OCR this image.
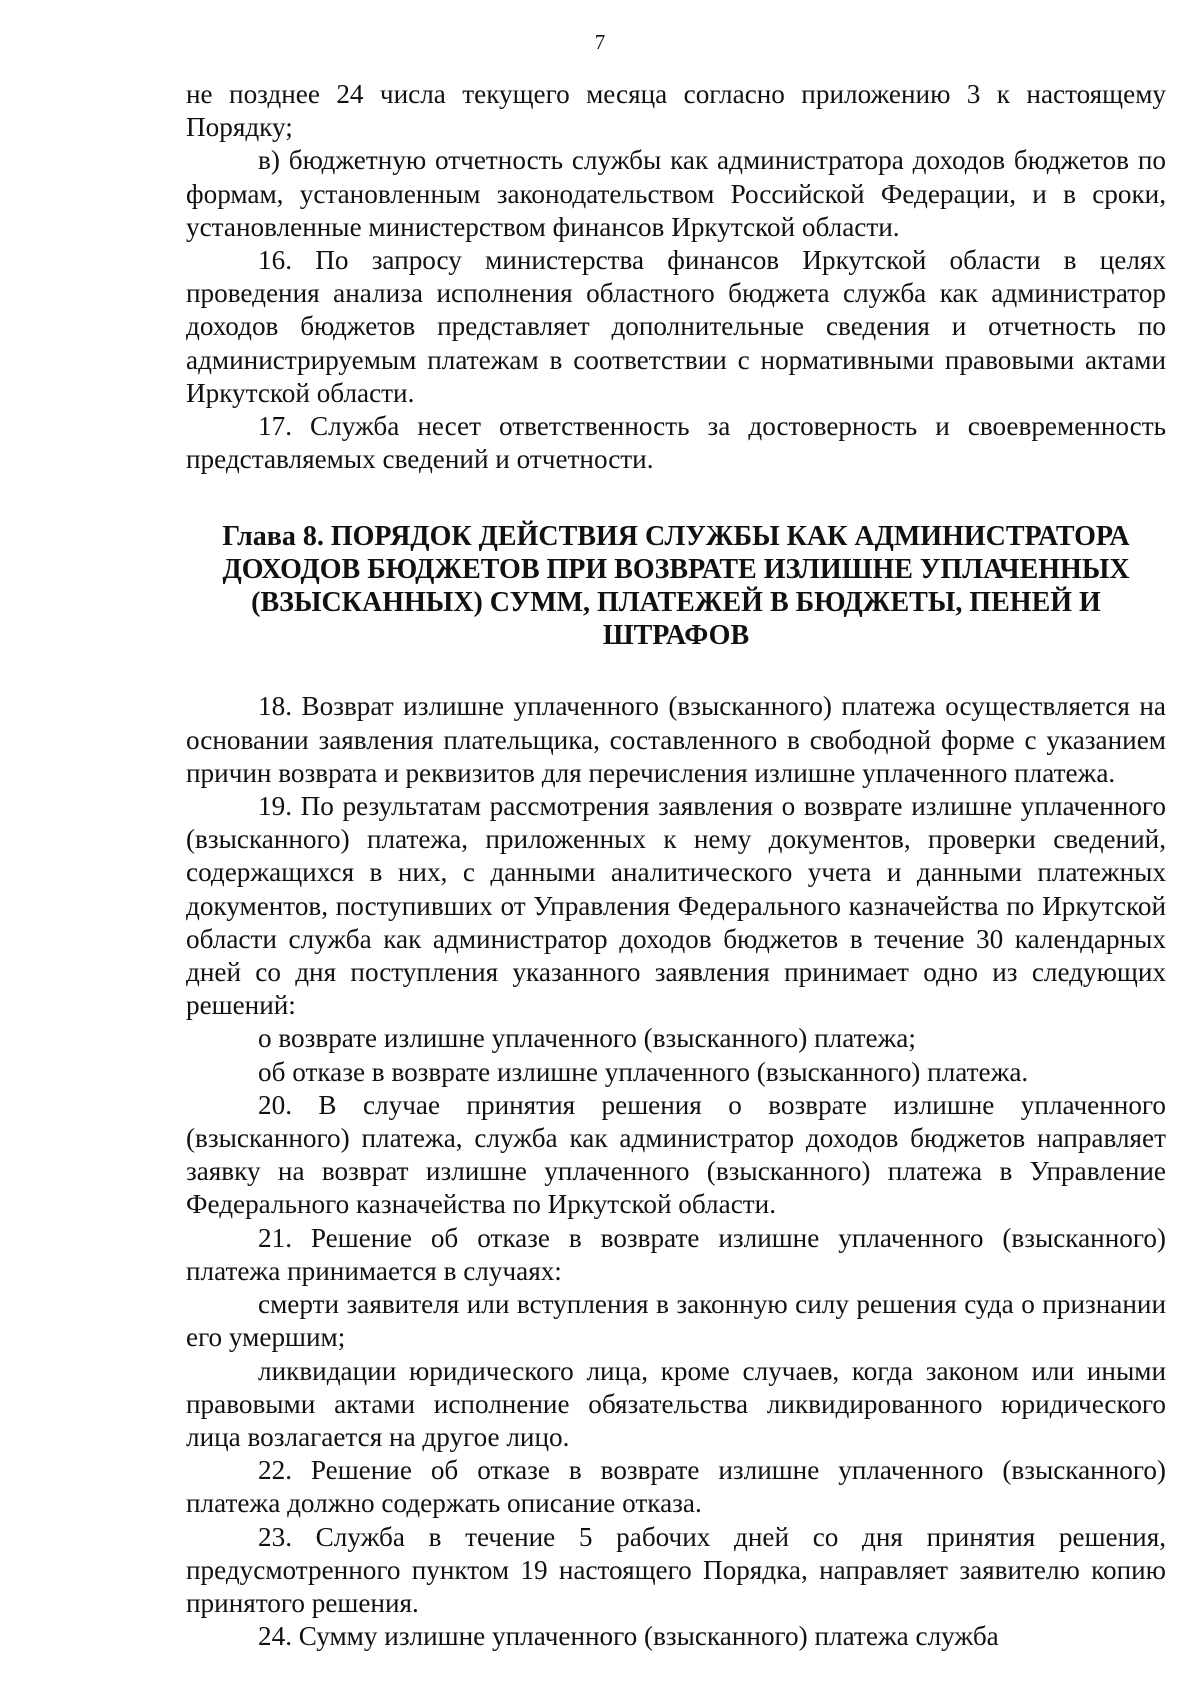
7

не позднее 24 числа текущего месяца согласно приложению 3 к настоящему Порядку;

в) бюджетную отчетность службы как администратора доходов бюджетов по формам, установленным законодательством Российской Федерации, и в сроки, установленные министерством финансов Иркутской области.

16. По запросу министерства финансов Иркутской области в целях проведения анализа исполнения областного бюджета служба как администратор доходов бюджетов представляет дополнительные сведения и отчетность по администрируемым платежам в соответствии с нормативными правовыми актами Иркутской области.

17. Служба несет ответственность за достоверность и своевременность представляемых сведений и отчетности.

Глава 8. ПОРЯДОК ДЕЙСТВИЯ СЛУЖБЫ КАК АДМИНИСТРАТОРА ДОХОДОВ БЮДЖЕТОВ ПРИ ВОЗВРАТЕ ИЗЛИШНЕ УПЛАЧЕННЫХ (ВЗЫСКАННЫХ) СУММ, ПЛАТЕЖЕЙ В БЮДЖЕТЫ, ПЕНЕЙ И ШТРАФОВ

18. Возврат излишне уплаченного (взысканного) платежа осуществляется на основании заявления плательщика, составленного в свободной форме с указанием причин возврата и реквизитов для перечисления излишне уплаченного платежа.

19. По результатам рассмотрения заявления о возврате излишне уплаченного (взысканного) платежа, приложенных к нему документов, проверки сведений, содержащихся в них, с данными аналитического учета и данными платежных документов, поступивших от Управления Федерального казначейства по Иркутской области служба как администратор доходов бюджетов в течение 30 календарных дней со дня поступления указанного заявления принимает одно из следующих решений:

о возврате излишне уплаченного (взысканного) платежа;

об отказе в возврате излишне уплаченного (взысканного) платежа.

20. В случае принятия решения о возврате излишне уплаченного (взысканного) платежа, служба как администратор доходов бюджетов направляет заявку на возврат излишне уплаченного (взысканного) платежа в Управление Федерального казначейства по Иркутской области.

21. Решение об отказе в возврате излишне уплаченного (взысканного) платежа принимается в случаях:

смерти заявителя или вступления в законную силу решения суда о признании его умершим;

ликвидации юридического лица, кроме случаев, когда законом или иными правовыми актами исполнение обязательства ликвидированного юридического лица возлагается на другое лицо.

22. Решение об отказе в возврате излишне уплаченного (взысканного) платежа должно содержать описание отказа.

23. Служба в течение 5 рабочих дней со дня принятия решения, предусмотренного пунктом 19 настоящего Порядка, направляет заявителю копию принятого решения.

24. Сумму излишне уплаченного (взысканного) платежа служба
